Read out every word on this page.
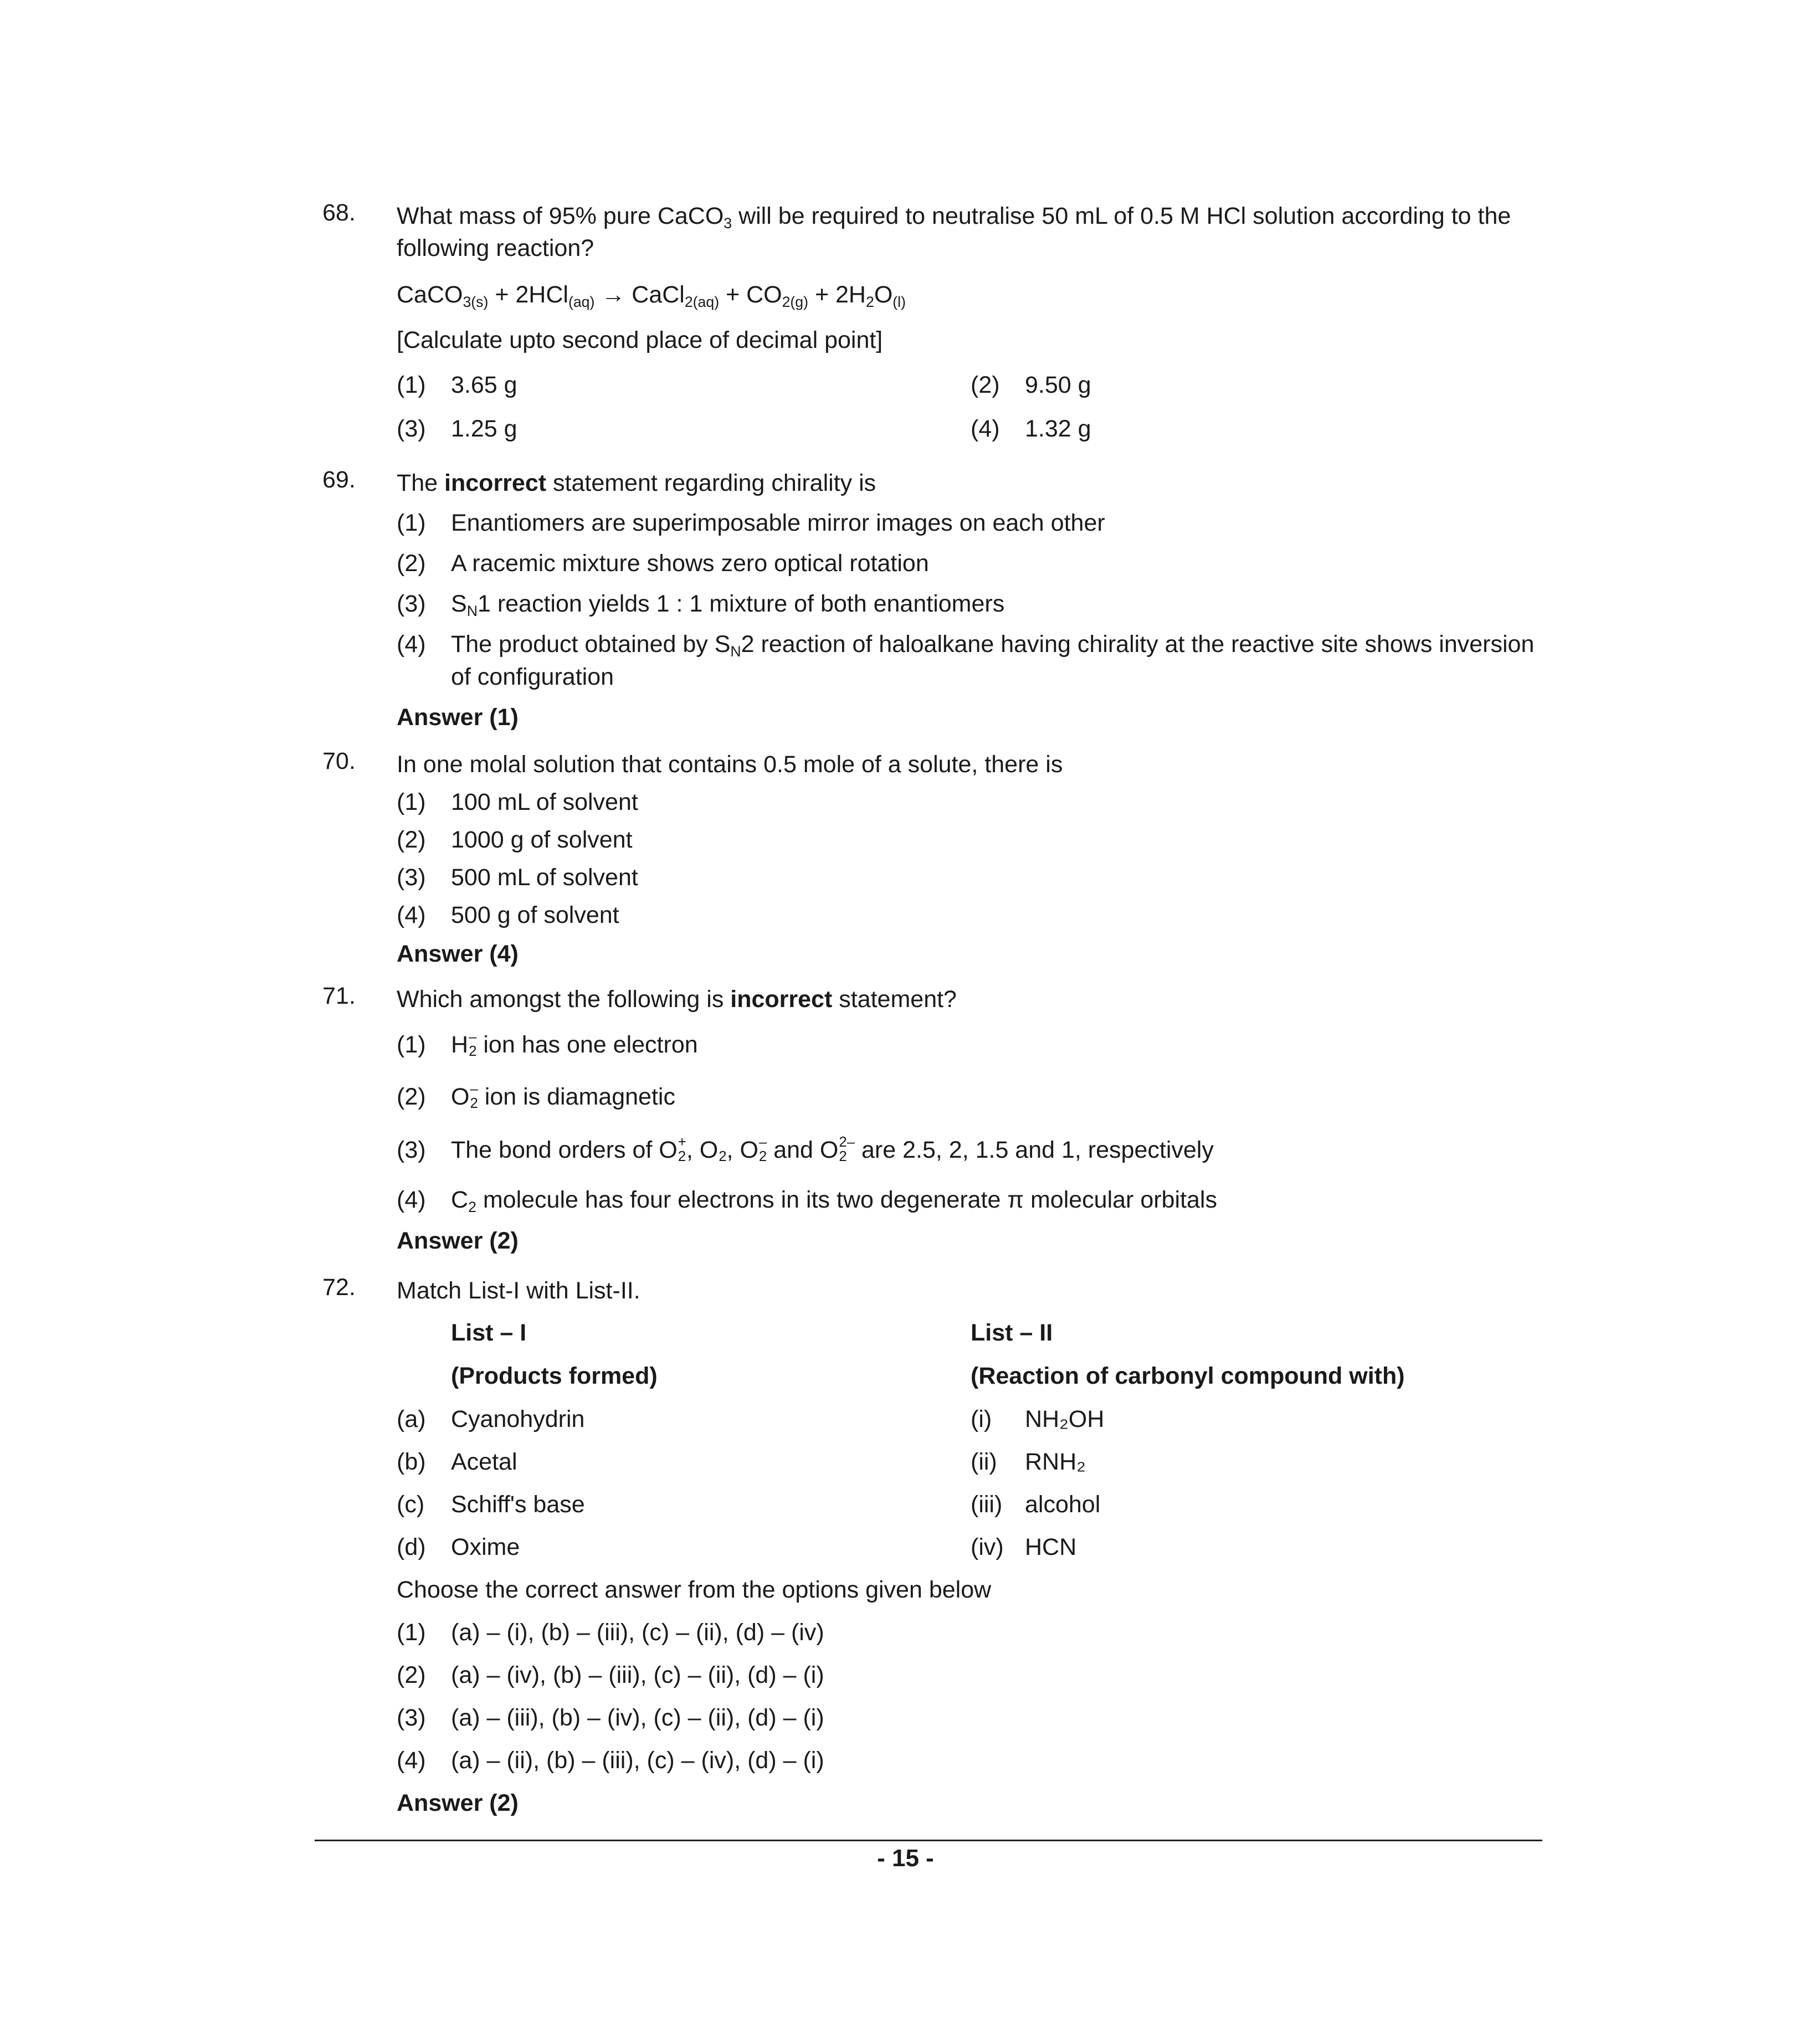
68. What mass of 95% pure CaCO$_3$ will be required to neutralise 50 mL of 0.5 M HCl solution according to the
following reaction?
CaCO$_{3(s)}$ + 2HCl$_{(aq)}$ → CaCl$_{2(aq)}$ + $CO_{2(g)} + 2H_2O_{(l)}$
[Calculate upto second place of decimal point]
(1) 3.65 g	(2) 9.50 g
(3) 1.25 g	(4) 1.32 g
69. The incorrect statement regarding chirality is
(1) Enantiomers are superimposable mirror images on each other
(2) A racemic mixture shows zero optical rotation
(3) $S_N1$ reaction yields 1 : 1 mixture of both enantiomers
(4) The product obtained by $S_N2$ reaction of haloalkane having chirality at the reactive site shows inversion
of configuration
Answer (1)
70. In one molal solution that contains 0.5 mole of a solute, there is
(1) 100 mL of solvent
(2) 1000 g of solvent
(3) 500 mL of solvent
(4) 500 g of solvent
Answer (4)
71. Which amongst the following is incorrect statement?
(1) H –
2 ion has one electron
(2) O –
2 ion is diamagnetic
(3) The bond orders of O +
2 , O
2 , O –
2 and O 2–
2 are 2.5, 2, 1.5 and 1, respectively
(4) $C_2$ molecule has four electrons in its two degenerate π molecular orbitals
Answer (2)
72. Match List-I with List-II.
List – I
(Products formed)
List – II
(Reaction of carbonyl compound with)
(a) Cyanohydrin
(b) Acetal
(c) Schiff's base
(d) Oxime
(i) NH₂OH
(ii) RNH₂
(iii) alcohol
(iv) HCN
Choose the correct answer from the options given below
(1) (a) – (i), (b) – (iii), (c) – (ii), (d) – (iv)
(2) (a) – (iv), (b) – (iii), (c) – (ii), (d) – (i)
(3) (a) – (iii), (b) – (iv), (c) – (ii), (d) – (i)
(4) (a) – (ii), (b) – (iii), (c) – (iv), (d) – (i)
Answer (2)
- 15 -
